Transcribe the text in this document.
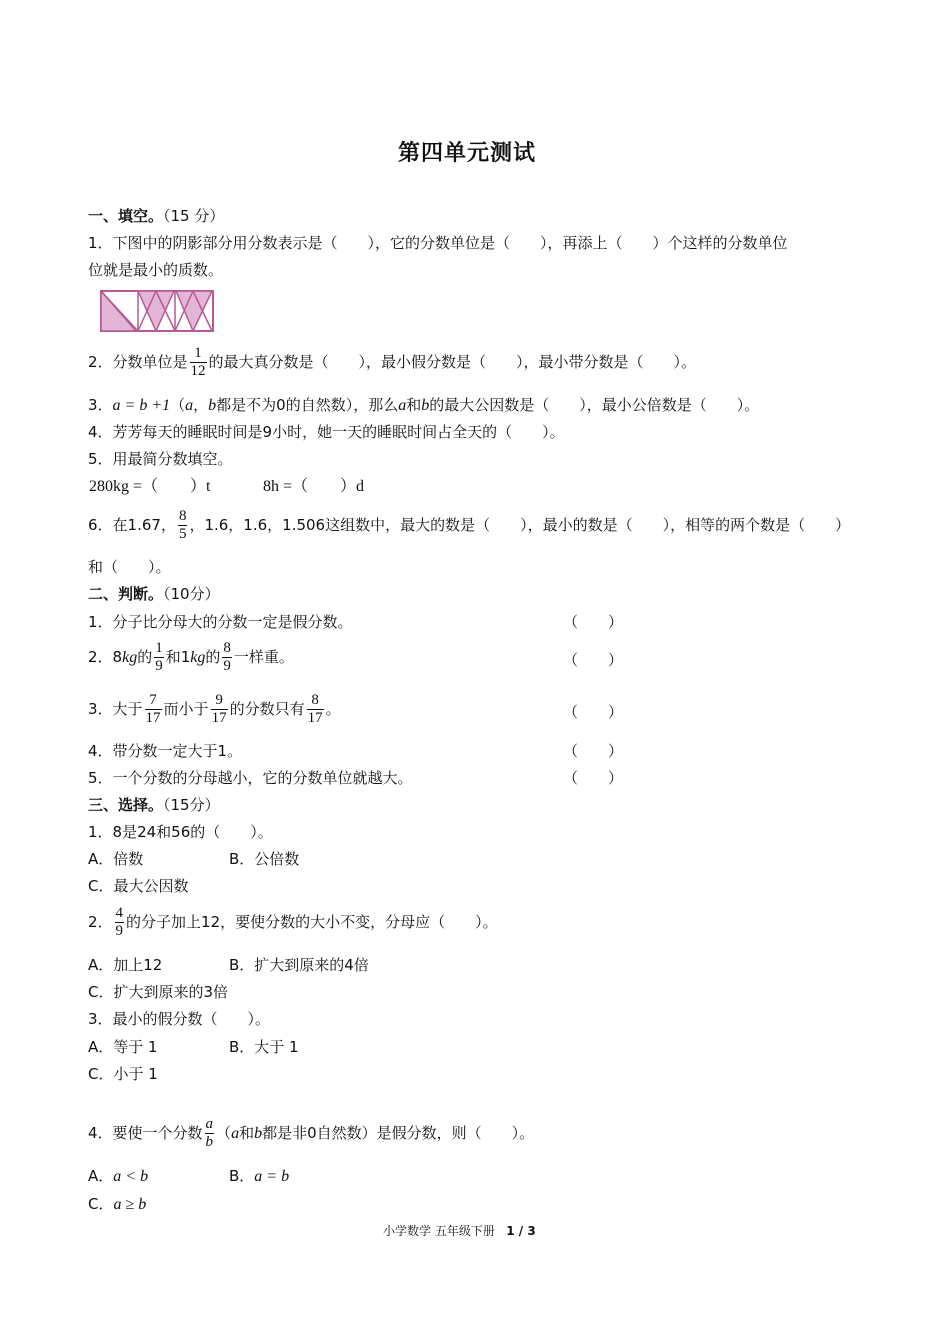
第四单元测试
一、填空。（15 分）
1．下图中的阴影部分用分数表示是（　　），它的分数单位是（　　），再添上（　　）个这样的分数单位
位就是最小的质数。
2．分数单位是 $\frac{1}{12}$ 的最大真分数是（　　），最小假分数是（　　），最小带分数是（　　）。
3．a = b +1（a，b都是不为0的自然数），那么a和b的最大公因数是（　　），最小公倍数是（　　）。
4．芳芳每天的睡眠时间是9小时，她一天的睡眠时间占全天的（　　）。
5．用最简分数填空。
280kg =（　　）t	8h =（　　）d
6．在1.67， $\frac{8}{5}$ ，1.6，1.6，1.506这组数中，最大的数是（　　），最小的数是（　　），相等的两个数是（　　）
和（　　）。
二、判断。（10分）
1．分子比分母大的分数一定是假分数。	（　　）
2．8kg的 $\frac{1}{9}$ 和1kg的 $\frac{8}{9}$ 一样重。	（　　）
3．大于 $\frac{7}{17}$ 而小于 $\frac{9}{17}$ 的分数只有 $\frac{8}{17}$ 。	（　　）
4．带分数一定大于1。	（　　）
5．一个分数的分母越小，它的分数单位就越大。	（　　）
三、选择。（15分）
1．8是24和56的（　　）。
A．倍数	B．公倍数
C．最大公因数
2． $\frac{4}{9}$ 的分子加上12，要使分数的大小不变，分母应（　　）。
A．加上12	B．扩大到原来的4倍
C．扩大到原来的3倍
3．最小的假分数（　　）。
A．等于 1	B．大于 1
C．小于 1
4．要使一个分数 $\frac{a}{b} (a$和b都是非0自然数）是假分数，则（　　）。
A．a < b	B．a = b
C．a ≥ b
小学数学 五年级下册 1 / 3
